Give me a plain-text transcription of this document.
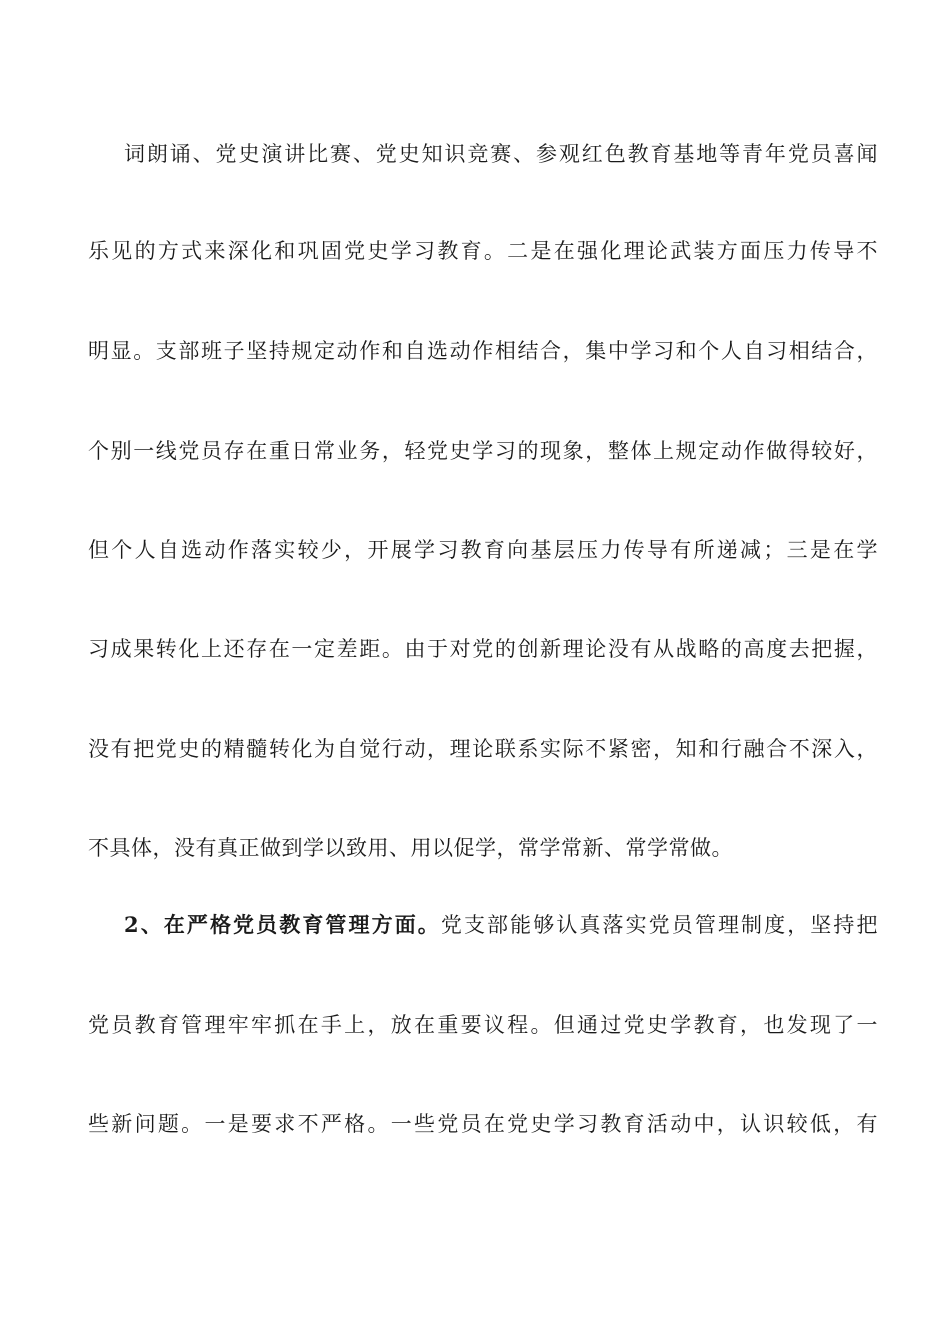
词朗诵、党史演讲比赛、党史知识竞赛、参观红色教育基地等青年党员喜闻
乐见的方式来深化和巩固党史学习教育。二是在强化理论武装方面压力传导不
明显。支部班子坚持规定动作和自选动作相结合，集中学习和个人自习相结合，
个别一线党员存在重日常业务，轻党史学习的现象，整体上规定动作做得较好，
但个人自选动作落实较少，开展学习教育向基层压力传导有所递减；三是在学
习成果转化上还存在一定差距。由于对党的创新理论没有从战略的高度去把握，
没有把党史的精髓转化为自觉行动，理论联系实际不紧密，知和行融合不深入，
不具体，没有真正做到学以致用、用以促学，常学常新、常学常做。
2、在严格党员教育管理方面。党支部能够认真落实党员管理制度，坚持把
党员教育管理牢牢抓在手上，放在重要议程。但通过党史学教育，也发现了一
些新问题。一是要求不严格。一些党员在党史学习教育活动中，认识较低，有
